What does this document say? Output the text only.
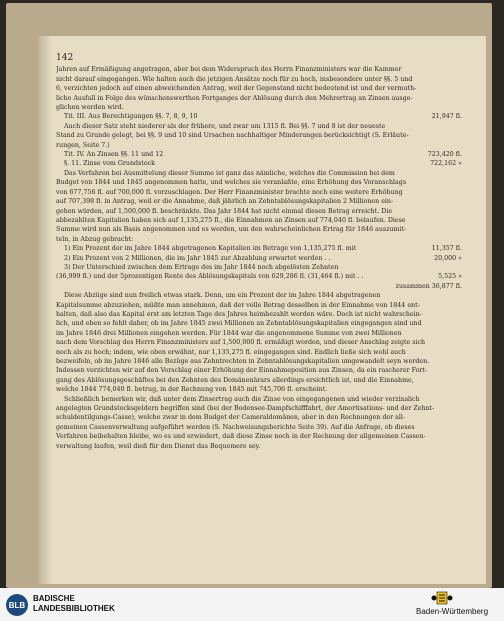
142
Jahren auf Ermäßigung angetragen, aber bei dem Widerspruch des Herrn Finanzministers war die Kammer
nicht darauf eingegangen. Wie halten auch die jetzigen Ansätze noch für zu hoch, insbesondere unter §§. 5 und
6, verzichten jedoch auf einen abweichenden Antrag, weil der Gegenstand nicht bedeutend ist und der vermuth-
liche Ausfall in Folge des wünschenswerthen Fortganges der Ablösung durch den Mehrertrag an Zinsen ausge-
glichen werden wird.
Tit. III. Aus Berechtigungen §§. 7, 8, 9, 10	21,947 fl.
Auch dieser Satz steht niederer als der frühere, und zwar um 1315 fl. Bei §§. 7 und 8 ist der neueste
Stand zu Grunde gelegt, bei §§. 9 und 10 sind Ursachen nachhaltiger Minderungen berücksichtigt (S. Erläute-
rungen, Seite 7.)
Tit. IV. An Zinsen §§. 11 und 12	723,420 fl.
§. 11. Zinse vom Grundstock	722,162 »
Das Verfahren bei Ausmittelung dieser Summe ist ganz das nämliche, welches die Commission bei dem
Budget von 1844 und 1845 angenommen hatte, und welches sie veranlaßte, eine Erhöhung des Voranschlags
von 677,756 fl. auf 700,000 fl. vorzuschlagen. Der Herr Finanzminister brachte noch eine weitere Erhöhung
auf 707,398 fl. in Antrag, weil er die Annahme, daß jährlich an Zehntablösungskapitalien 2 Millionen ein-
gehen würden, auf 1,500,000 fl. beschränkte. Das Jahr 1844 hat nicht einmal diesen Betrag erreicht. Die
abbezahlten Kapitalien haben sich auf 1,135,275 fl., die Einnahmen an Zinsen auf 774,040 fl. belaufen. Diese
Summe wird nun als Basis angenommen und es werden, um den wahrscheinlichen Ertrag für 1846 auszumit-
teln, in Abzug gebracht:
1) Ein Prozent der im Jahre 1844 abgetragenen Kapitalien im Betrage von 1,135,275 fl. mit	11,357 fl.
2) Ein Prozent von 2 Millionen, die im Jahr 1845 zur Abzahlung erwartet werden . .	20,000 »
3) Der Unterschied zwischen dem Ertrage des im Jahr 1844 noch abgelösten Zehnten
(36,999 fl.) und der 5prozentigen Rente des Ablösungskapitals von 629,286 fl. (31,464 fl.) mit . .	5,525 »
zusammen 36,877 fl.
Diese Abzüge sind nun freilich etwas stark. Denn, um ein Prozent der im Jahre 1844 abgetragenen
Kapitalsumme abzuziehen, müßte man annehmen, daß der volle Betrag desselben in der Einnahme von 1844 ent-
halten, daß also das Kapital erst am letzten Tage des Jahres heimbezahlt worden wäre. Doch ist nicht wahrschein-
lich, und eben so fehlt daher, ob im Jahre 1845 zwei Millionen an Zehntablösungskapitalien eingegangen sind und
im Jahre 1846 drei Millionen eingehen werden. Für 1844 war die angenommene Summe von zwei Millionen
nach dem Vorschlag des Herrn Finanzministers auf 1,500,000 fl. ermäßigt worden, und dieser Anschlag zeigte sich
noch als zu hoch; indem, wie oben erwähnt, nur 1,135,275 fl. eingegangen sind. Endlich ließe sich wohl auch
bezweifeln, ob im Jahre 1846 alle Bezüge aus Zehntrechten in Zehntablösungskapitalien umgewandelt seyn werden.
Indessen verzichten wir auf den Vorschlag einer Erhöhung der Einnahmeposition aus Zinsen, da ein rascherer Fort-
gang des Ablösungsgeschäftes bei den Zehnten des Domänenärars allerdings ersichtlich ist, und die Einnahme,
welche 1844 774,040 fl. betrug, in der Rechnung von 1845 mit 745,706 fl. erscheint.
Schließlich bemerken wir, daß unter dem Zinsertrag auch die Zinse von eingegangenen und wieder verzinslich
angelegten Grundstocksgeldern begriffen sind (bei der Bodensee-Dampfschifffahrt, der Amortisations- und der Zehnt-
schuldentilgungs-Casse), welche zwar in dem Budget der Cameraldomänen, aber in den Rechnungen der all-
gemeinen Cassenverwaltung aufgeführt werden (S. Nachweisungsberichte Seite 39). Auf die Anfrage, ob dieses
Verfahren beibehalten bleibe, wo es und erwiedert, daß diese Zinse noch in der Rechnung der allgemeinen Cassen-
verwaltung laufen, weil dieß für den Dienst das Bequemere sey.
BLB
BADISCHE
LANDESBIBLIOTHEK	Baden-Württemberg
